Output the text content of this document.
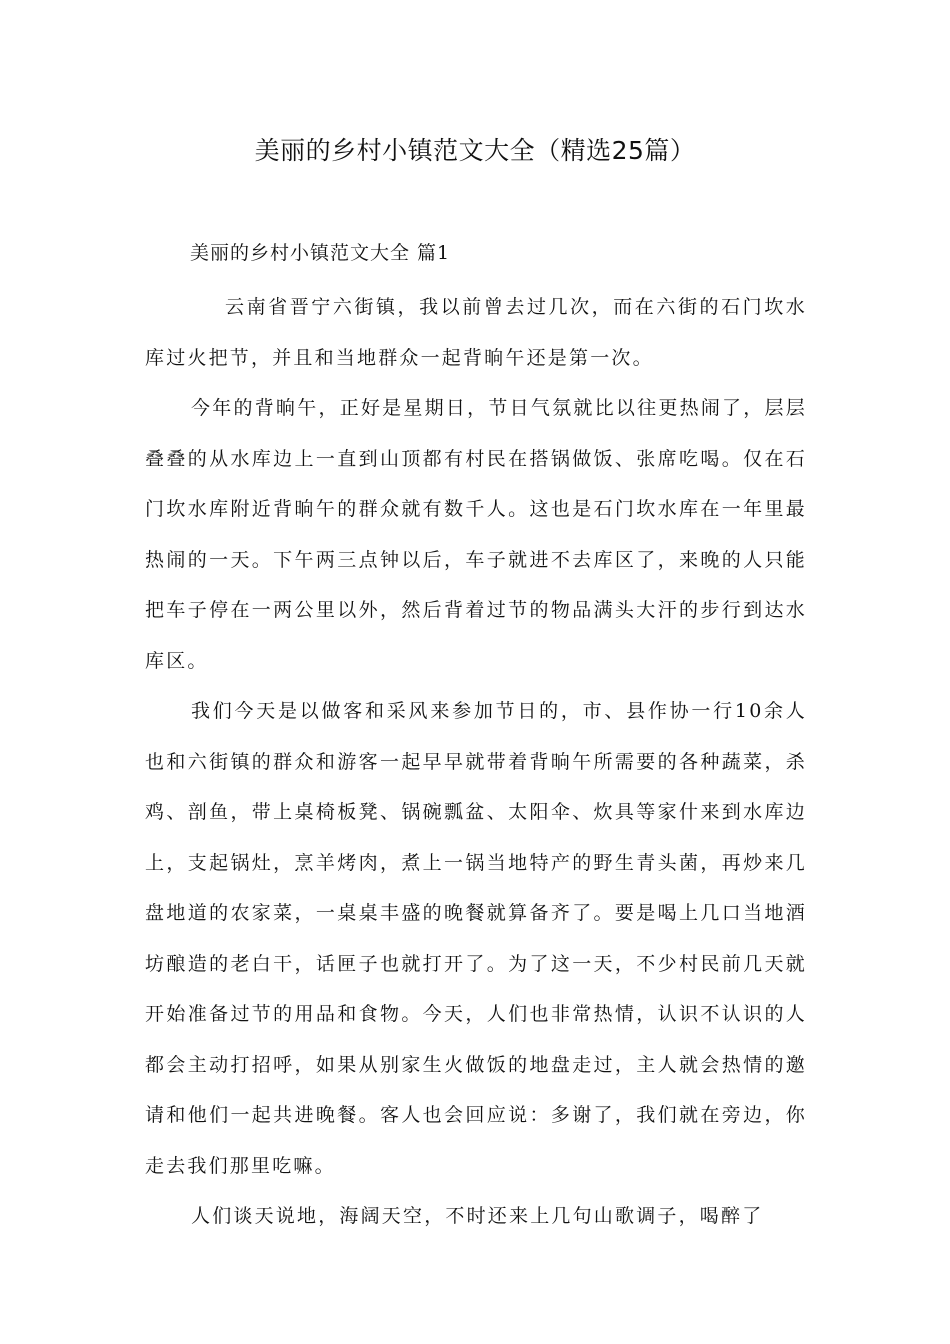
美丽的乡村小镇范文大全（精选25篇）
美丽的乡村小镇范文大全 篇1

云南省晋宁六街镇，我以前曾去过几次，而在六街的石门坎水库过火把节，并且和当地群众一起背晌午还是第一次。

今年的背晌午，正好是星期日，节日气氛就比以往更热闹了，层层叠叠的从水库边上一直到山顶都有村民在搭锅做饭、张席吃喝。仅在石门坎水库附近背晌午的群众就有数千人。这也是石门坎水库在一年里最热闹的一天。下午两三点钟以后，车子就进不去库区了，来晚的人只能把车子停在一两公里以外，然后背着过节的物品满头大汗的步行到达水库区。

我们今天是以做客和采风来参加节日的，市、县作协一行10余人也和六街镇的群众和游客一起早早就带着背晌午所需要的各种蔬菜，杀鸡、剖鱼，带上桌椅板凳、锅碗瓢盆、太阳伞、炊具等家什来到水库边上，支起锅灶，烹羊烤肉，煮上一锅当地特产的野生青头菌，再炒来几盘地道的农家菜，一桌桌丰盛的晚餐就算备齐了。要是喝上几口当地酒坊酿造的老白干，话匣子也就打开了。为了这一天，不少村民前几天就开始准备过节的用品和食物。今天，人们也非常热情，认识不认识的人都会主动打招呼，如果从别家生火做饭的地盘走过，主人就会热情的邀请和他们一起共进晚餐。客人也会回应说：多谢了，我们就在旁边，你走去我们那里吃嘛。

人们谈天说地，海阔天空，不时还来上几句山歌调子，喝醉了
